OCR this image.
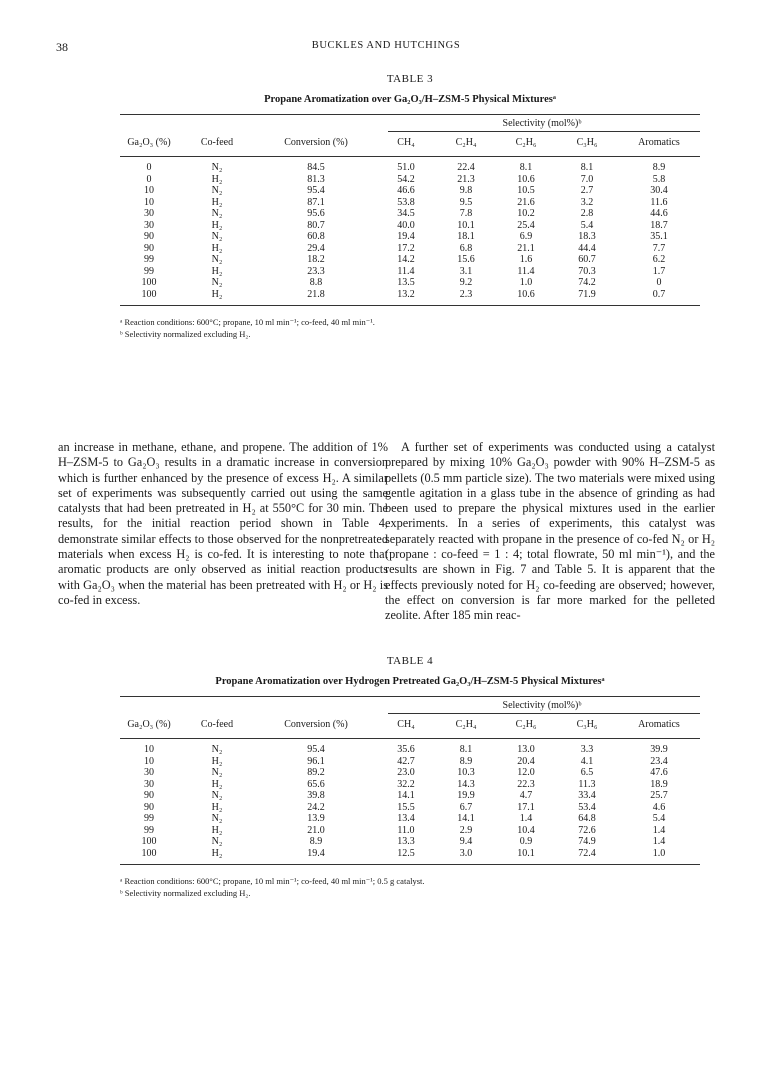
38	BUCKLES AND HUTCHINGS
TABLE 3
Propane Aromatization over Ga₂O₃/H–ZSM-5 Physical Mixturesᵃ
Selectivity (mol%)ᵇ
Ga₂O₃ (%)	Co-feed	Conversion (%)	CH₄	C₂H₄	C₂H₆	C₃H₆	Aromatics
0	N₂	84.5	51.0	22.4	8.1	8.1	8.9
0	H₂	81.3	54.2	21.3	10.6	7.0	5.8
10	N₂	95.4	46.6	9.8	10.5	2.7	30.4
10	H₂	87.1	53.8	9.5	21.6	3.2	11.6
30	N₂	95.6	34.5	7.8	10.2	2.8	44.6
30	H₂	80.7	40.0	10.1	25.4	5.4	18.7
90	N₂	60.8	19.4	18.1	6.9	18.3	35.1
90	H₂	29.4	17.2	6.8	21.1	44.4	7.7
99	N₂	18.2	14.2	15.6	1.6	60.7	6.2
99	H₂	23.3	11.4	3.1	11.4	70.3	1.7
100	N₂	8.8	13.5	9.2	1.0	74.2	0
100	H₂	21.8	13.2	2.3	10.6	71.9	0.7
ᵃ Reaction conditions: 600°C; propane, 10 ml min⁻¹; co-feed, 40 ml min⁻¹.
ᵇ Selectivity normalized excluding H₂.
an increase in methane, ethane, and propene. The addition of 1% H–ZSM-5 to Ga₂O₃ results in a dramatic increase in conversion which is further enhanced by the presence of excess H₂. A similar set of experiments was subsequently carried out using the same catalysts that had been pretreated in H₂ at 550°C for 30 min. The results, for the initial reaction period shown in Table 4, demonstrate similar effects to those observed for the nonpretreated materials when excess H₂ is co-fed. It is interesting to note that aromatic products are only observed as initial reaction products with Ga₂O₃ when the material has been pretreated with H₂ or H₂ is co-fed in excess.
A further set of experiments was conducted using a catalyst prepared by mixing 10% Ga₂O₃ powder with 90% H–ZSM-5 as pellets (0.5 mm particle size). The two materials were mixed using gentle agitation in a glass tube in the absence of grinding as had been used to prepare the physical mixtures used in the earlier experiments. In a series of experiments, this catalyst was separately reacted with propane in the presence of co-fed N₂ or H₂ (propane : co-feed = 1 : 4; total flowrate, 50 ml min⁻¹), and the results are shown in Fig. 7 and Table 5. It is apparent that the effects previously noted for H₂ co-feeding are observed; however, the effect on conversion is far more marked for the pelleted zeolite. After 185 min reac-
TABLE 4
Propane Aromatization over Hydrogen Pretreated Ga₂O₃/H–ZSM-5 Physical Mixturesᵃ
Selectivity (mol%)ᵇ
Ga₂O₃ (%)	Co-feed	Conversion (%)	CH₄	C₂H₄	C₂H₆	C₃H₆	Aromatics
10	N₂	95.4	35.6	8.1	13.0	3.3	39.9
10	H₂	96.1	42.7	8.9	20.4	4.1	23.4
30	N₂	89.2	23.0	10.3	12.0	6.5	47.6
30	H₂	65.6	32.2	14.3	22.3	11.3	18.9
90	N₂	39.8	14.1	19.9	4.7	33.4	25.7
90	H₂	24.2	15.5	6.7	17.1	53.4	4.6
99	N₂	13.9	13.4	14.1	1.4	64.8	5.4
99	H₂	21.0	11.0	2.9	10.4	72.6	1.4
100	N₂	8.9	13.3	9.4	0.9	74.9	1.4
100	H₂	19.4	12.5	3.0	10.1	72.4	1.0
ᵃ Reaction conditions: 600°C; propane, 10 ml min⁻¹; co-feed, 40 ml min⁻¹; 0.5 g catalyst.
ᵇ Selectivity normalized excluding H₂.
